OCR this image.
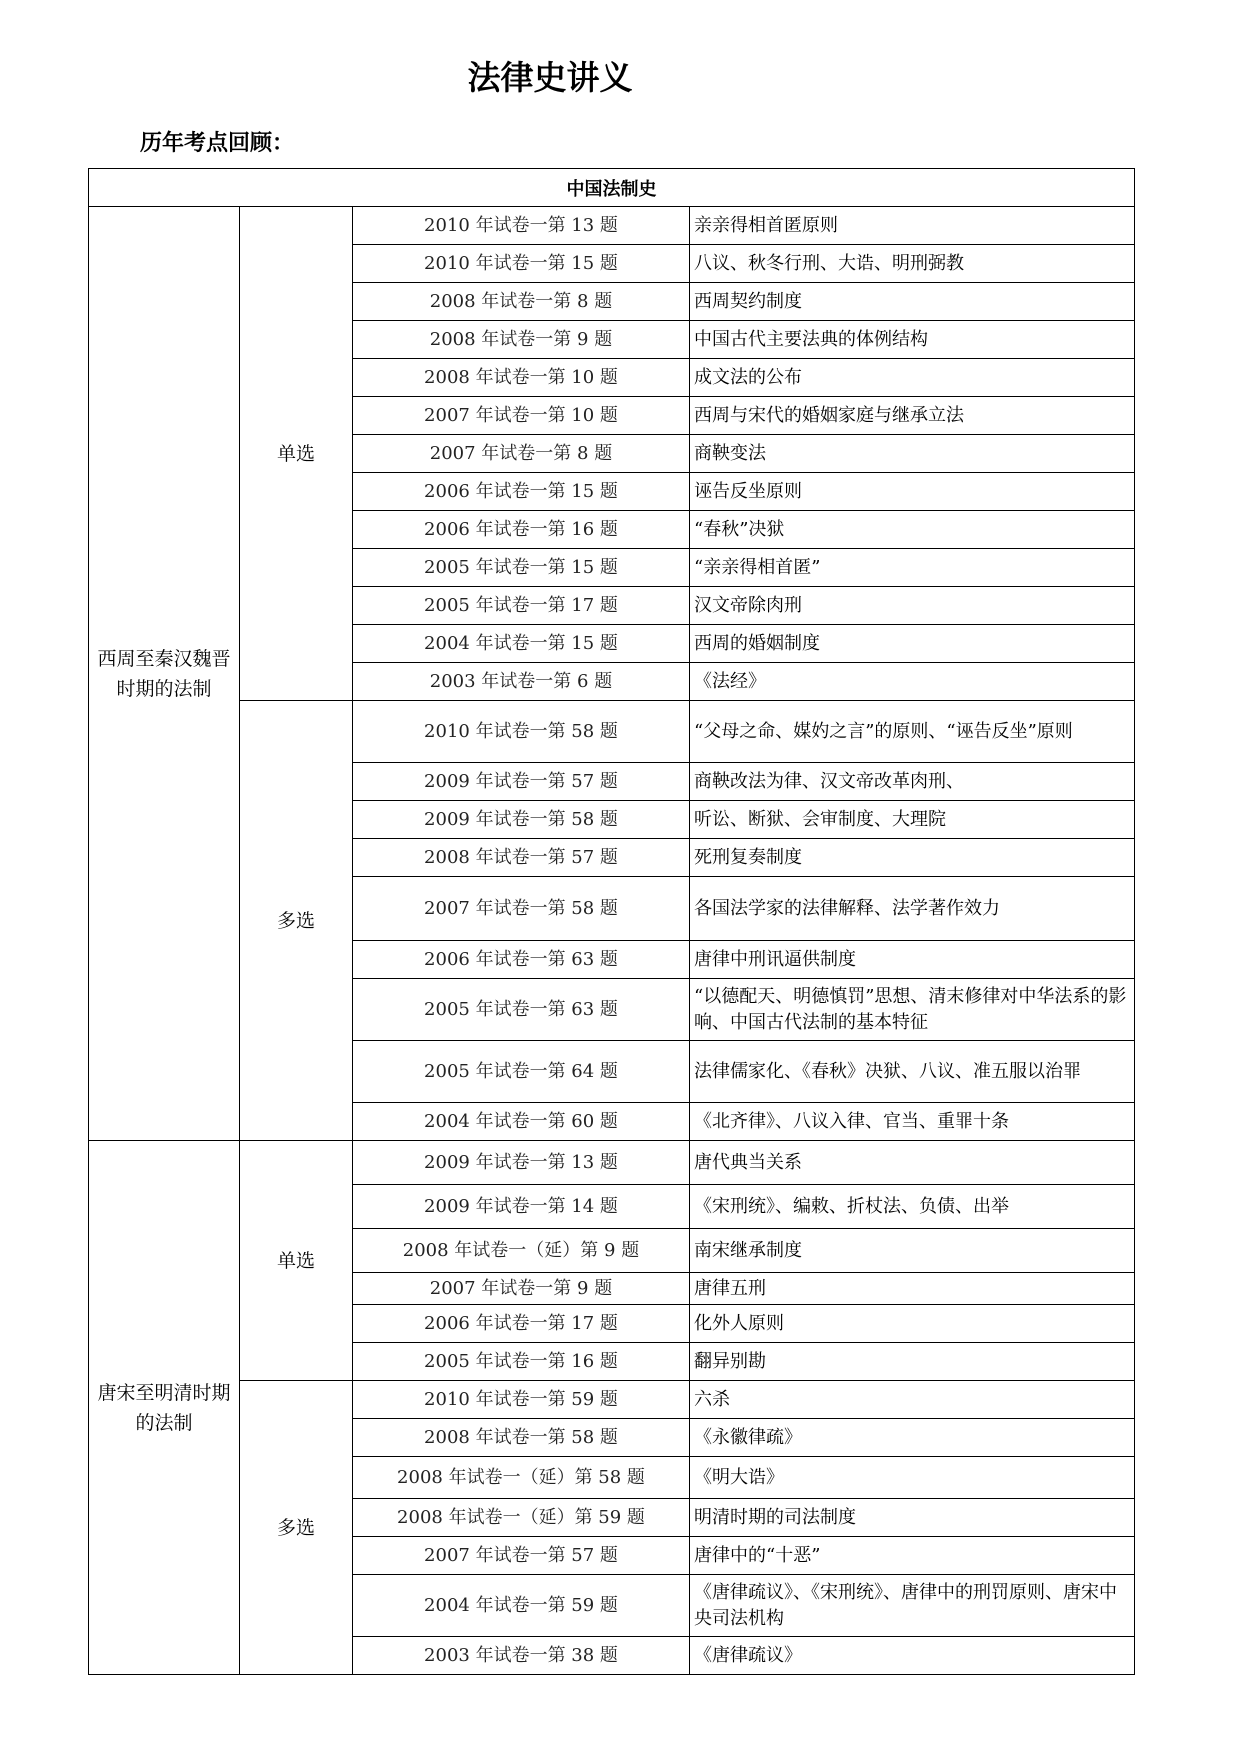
法律史讲义
历年考点回顾：
中国法制史			
西周至秦汉魏晋时期的法制	单选	2010 年试卷一第 13 题	亲亲得相首匿原则
		2010 年试卷一第 15 题	八议、秋冬行刑、大诰、明刑弼教
		2008 年试卷一第 8 题	西周契约制度
		2008 年试卷一第 9 题	中国古代主要法典的体例结构
		2008 年试卷一第 10 题	成文法的公布
		2007 年试卷一第 10 题	西周与宋代的婚姻家庭与继承立法
		2007 年试卷一第 8 题	商鞅变法
		2006 年试卷一第 15 题	诬告反坐原则
		2006 年试卷一第 16 题	“春秋”决狱
		2005 年试卷一第 15 题	“亲亲得相首匿”
		2005 年试卷一第 17 题	汉文帝除肉刑
		2004 年试卷一第 15 题	西周的婚姻制度
		2003 年试卷一第 6 题	《法经》
	多选	2010 年试卷一第 58 题	“父母之命、媒妁之言”的原则、“诬告反坐”原则
		2009 年试卷一第 57 题	商鞅改法为律、汉文帝改革肉刑、
		2009 年试卷一第 58 题	听讼、断狱、会审制度、大理院
		2008 年试卷一第 57 题	死刑复奏制度
		2007 年试卷一第 58 题	各国法学家的法律解释、法学著作效力
		2006 年试卷一第 63 题	唐律中刑讯逼供制度
		2005 年试卷一第 63 题	“以德配天、明德慎罚”思想、清末修律对中华法系的影响、中国古代法制的基本特征
		2005 年试卷一第 64 题	法律儒家化、《春秋》决狱、八议、准五服以治罪
		2004 年试卷一第 60 题	《北齐律》、八议入律、官当、重罪十条
唐宋至明清时期的法制	单选	2009 年试卷一第 13 题	唐代典当关系
		2009 年试卷一第 14 题	《宋刑统》、编敕、折杖法、负债、出举
		2008 年试卷一（延）第 9 题	南宋继承制度
		2007 年试卷一第 9 题	唐律五刑
		2006 年试卷一第 17 题	化外人原则
		2005 年试卷一第 16 题	翻异别勘
	多选	2010 年试卷一第 59 题	六杀
		2008 年试卷一第 58 题	《永徽律疏》
		2008 年试卷一（延）第 58 题	《明大诰》
		2008 年试卷一（延）第 59 题	明清时期的司法制度
		2007 年试卷一第 57 题	唐律中的“十恶”
		2004 年试卷一第 59 题	《唐律疏议》、《宋刑统》、唐律中的刑罚原则、唐宋中央司法机构
		2003 年试卷一第 38 题	《唐律疏议》
